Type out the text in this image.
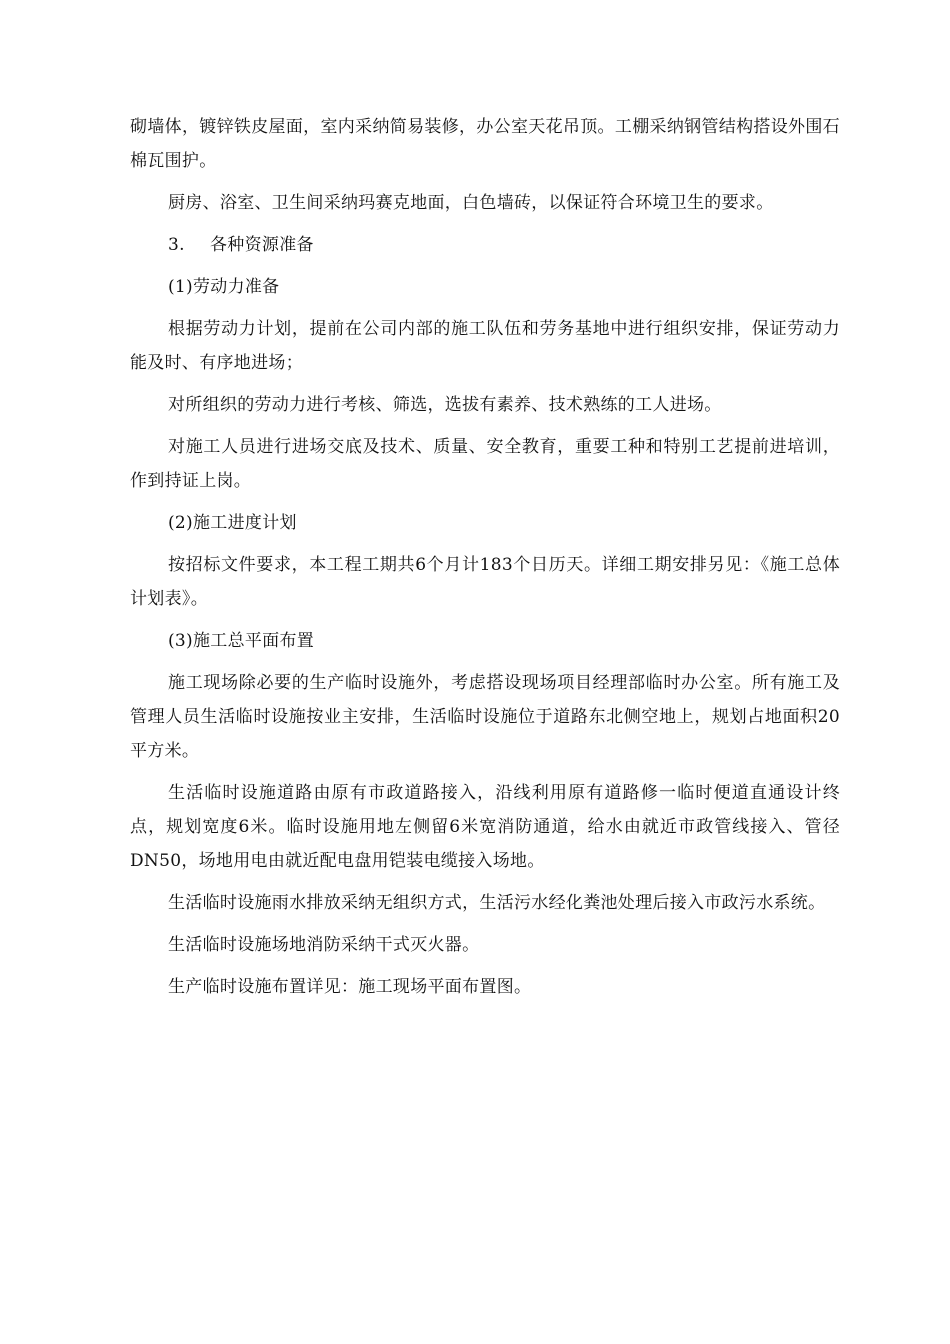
砌墙体，镀锌铁皮屋面，室内采纳简易装修，办公室天花吊顶。工棚采纳钢管结构搭设外围石棉瓦围护。

厨房、浴室、卫生间采纳玛赛克地面，白色墙砖，以保证符合环境卫生的要求。

3. 各种资源准备

(1)劳动力准备

根据劳动力计划，提前在公司内部的施工队伍和劳务基地中进行组织安排，保证劳动力能及时、有序地进场；

对所组织的劳动力进行考核、筛选，选拔有素养、技术熟练的工人进场。

对施工人员进行进场交底及技术、质量、安全教育，重要工种和特别工艺提前进培训，作到持证上岗。

(2)施工进度计划

按招标文件要求，本工程工期共6个月计183个日历天。详细工期安排另见：《施工总体计划表》。

(3)施工总平面布置

施工现场除必要的生产临时设施外，考虑搭设现场项目经理部临时办公室。所有施工及管理人员生活临时设施按业主安排，生活临时设施位于道路东北侧空地上，规划占地面积20平方米。

生活临时设施道路由原有市政道路接入，沿线利用原有道路修一临时便道直通设计终点，规划宽度6米。临时设施用地左侧留6米宽消防通道，给水由就近市政管线接入、管径DN50，场地用电由就近配电盘用铠装电缆接入场地。

生活临时设施雨水排放采纳无组织方式，生活污水经化粪池处理后接入市政污水系统。

生活临时设施场地消防采纳干式灭火器。

生产临时设施布置详见：施工现场平面布置图。
